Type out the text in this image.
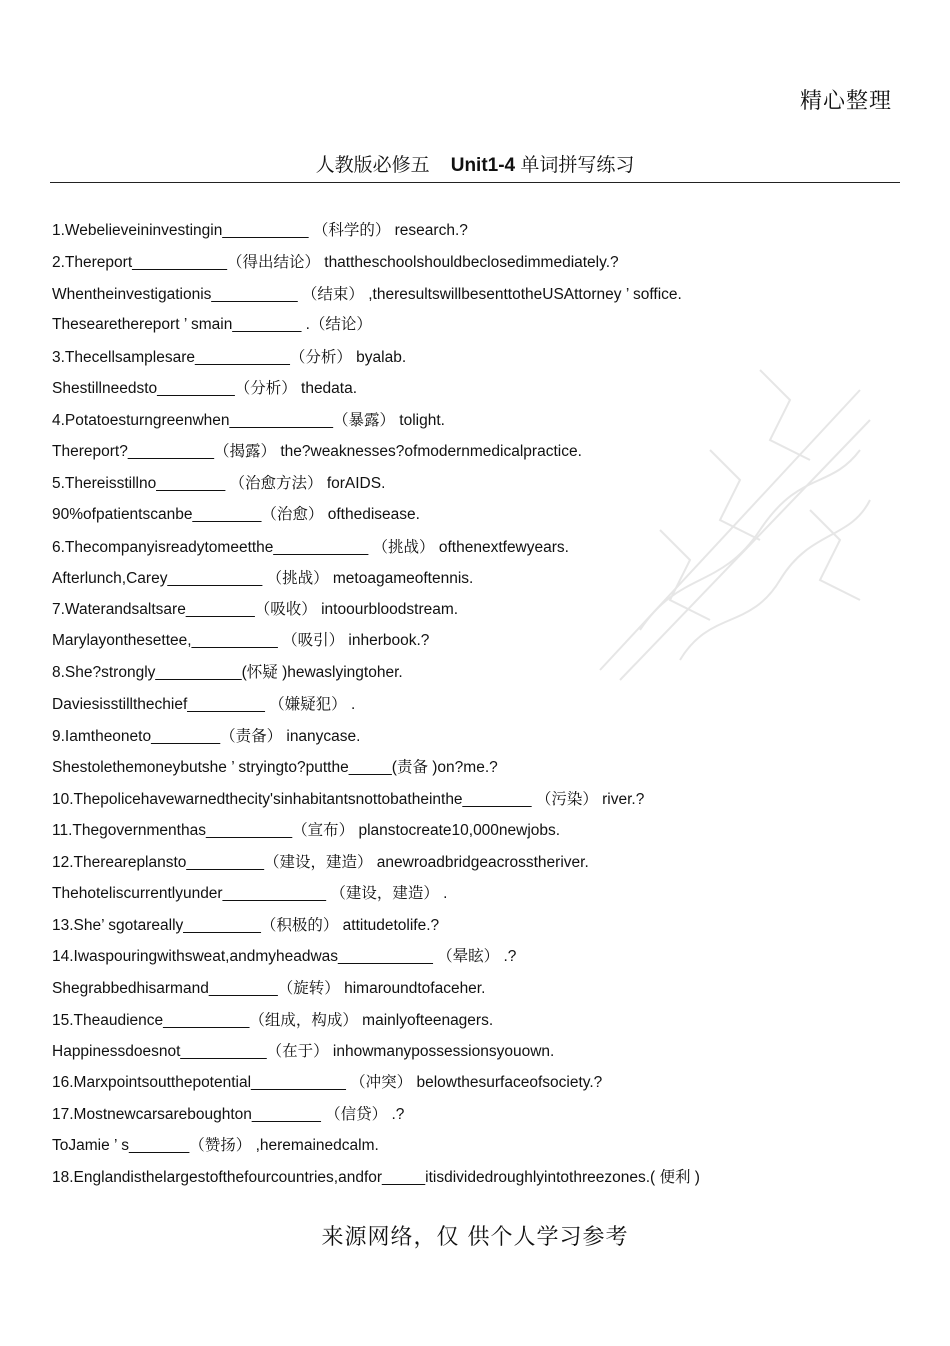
精心整理
人教版必修五 Unit1-4 单词拼写练习
1.Webelieveininvestingin__________ （科学的） research.?
2.Thereport___________（得出结论） thattheschoolshouldbeclosedimmediately.?
Whentheinvestigationis__________ （结束） ,theresultswillbesenttotheUSAttorney ’ soffice.
Thesearethereport ’ smain________ .（结论）
3.Thecellsamplesare___________（分析） byalab.
Shestillneedsto_________（分析） thedata.
4.Potatoesturngreenwhen____________（暴露） tolight.
Thereport?__________（揭露） the?weaknesses?ofmodernmedicalpractice.
5.Thereisstillno________ （治愈方法） forAIDS.
90%ofpatientscanbe________（治愈） ofthedisease.
6.Thecompanyisreadytomeetthe___________ （挑战） ofthenextfewyears.
Afterlunch,Carey___________ （挑战） metoagameoftennis.
7.Waterandsaltsare________（吸收） intoourbloodstream.
Marylayonthesettee,__________ （吸引） inherbook.?
8.She?strongly__________(怀疑 )hewaslyingtoher.
Daviesisstillthechief_________ （嫌疑犯） .
9.Iamtheoneto________（责备） inanycase.
Shestolethemoneybutshe ’ stryingto?putthe_____(责备 )on?me.?
10.Thepolicehavewarnedthecity'sinhabitantsnottobatheinthe________ （污染） river.?
11.Thegovernmenthas__________（宣布） planstocreate10,000newjobs.
12.Thereareplansto_________（建设，建造） anewroadbridgeacrosstheriver.
Thehoteliscurrentlyunder____________ （建设，建造） .
13.She’ sgotareally_________（积极的） attitudetolife.?
14.Iwaspouringwithsweat,andmyheadwas___________ （晕眩） .?
Shegrabbedhisarmand________（旋转） himaroundtofaceher.
15.Theaudience__________（组成，构成） mainlyofteenagers.
Happinessdoesnot__________（在于） inhowmanypossessionsyouown.
16.Marxpointsoutthepotential___________ （冲突） belowthesurfaceofsociety.?
17.Mostnewcarsareboughton________ （信贷） .?
ToJamie ’ s_______（赞扬） ,heremainedcalm.
18.Englandisthelargestofthefourcountries,andfor_____itisdividedroughlyintothreezones.( 便利 )
来源网络，仅 供个人学习参考
